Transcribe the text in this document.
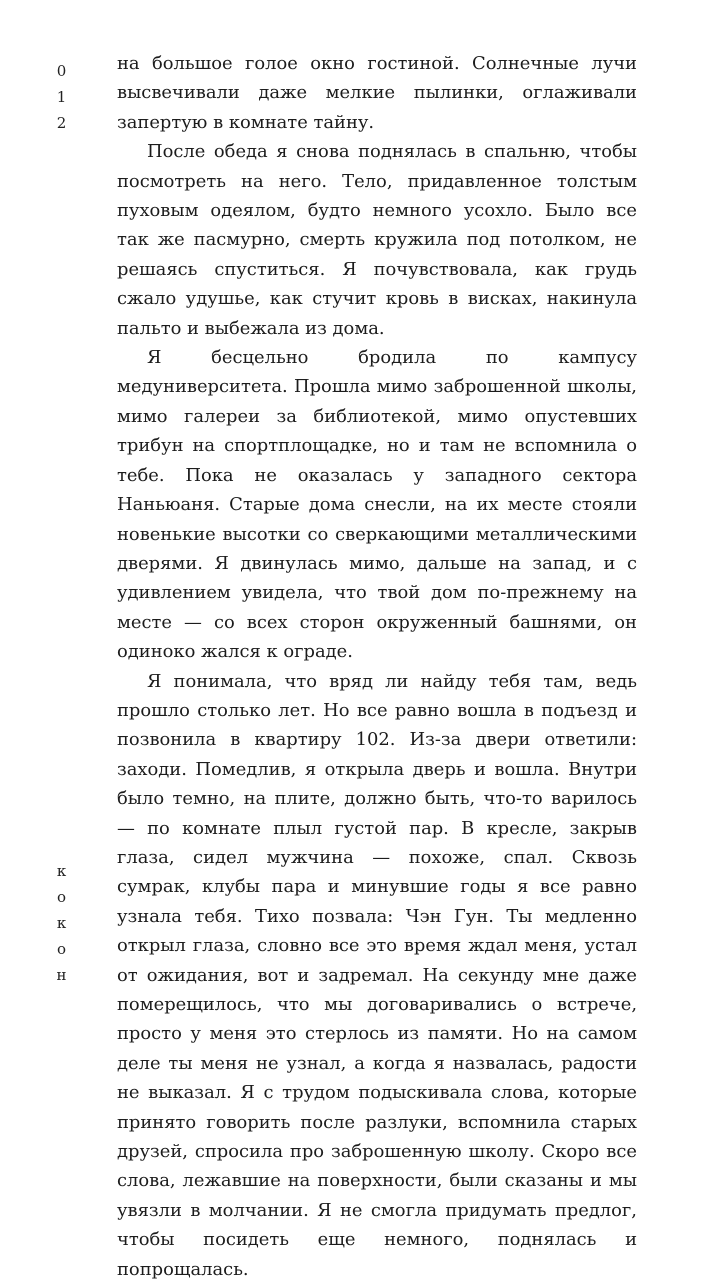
0
1
2

на большое голое окно гостиной. Солнечные лучи высвечивали даже мелкие пылинки, оглаживали запертую в комнате тайну.

После обеда я снова поднялась в спальню, чтобы посмотреть на него. Тело, придавленное толстым пуховым одеялом, будто немного усохло. Было все так же пасмурно, смерть кружила под потолком, не решаясь спуститься. Я почувствовала, как грудь сжало удушье, как стучит кровь в висках, накинула пальто и выбежала из дома.

Я бесцельно бродила по кампусу медуниверситета. Прошла мимо заброшенной школы, мимо галереи за библиотекой, мимо опустевших трибун на спортплощадке, но и там не вспомнила о тебе. Пока не оказалась у западного сектора Наньюаня. Старые дома снесли, на их месте стояли новенькие высотки со сверкающими металлическими дверями. Я двинулась мимо, дальше на запад, и с удивлением увидела, что твой дом по-прежнему на месте — со всех сторон окруженный башнями, он одиноко жался к ограде.

Я понимала, что вряд ли найду тебя там, ведь прошло столько лет. Но все равно вошла в подъезд и позвонила в квартиру 102. Из-за двери ответили: заходи. Помедлив, я открыла дверь и вошла. Внутри было темно, на плите, должно быть, что-то варилось — по комнате плыл густой пар. В кресле, закрыв глаза, сидел мужчина — похоже, спал. Сквозь сумрак, клубы пара и минувшие годы я все равно узнала тебя. Тихо позвала: Чэн Гун. Ты медленно открыл глаза, словно все это время ждал меня, устал от ожидания, вот и задремал. На секунду мне даже померещилось, что мы договаривались о встрече, просто у меня это стерлось из памяти. Но на самом деле ты меня не узнал, а когда я назвалась, радости не выказал. Я с трудом подыскивала слова, которые принято говорить после разлуки, вспомнила старых друзей, спросила про заброшенную школу. Скоро все слова, лежавшие на поверхности, были сказаны и мы увязли в молчании. Я не смогла придумать предлог, чтобы посидеть еще немного, поднялась и попрощалась.

к
о
к
о
н
